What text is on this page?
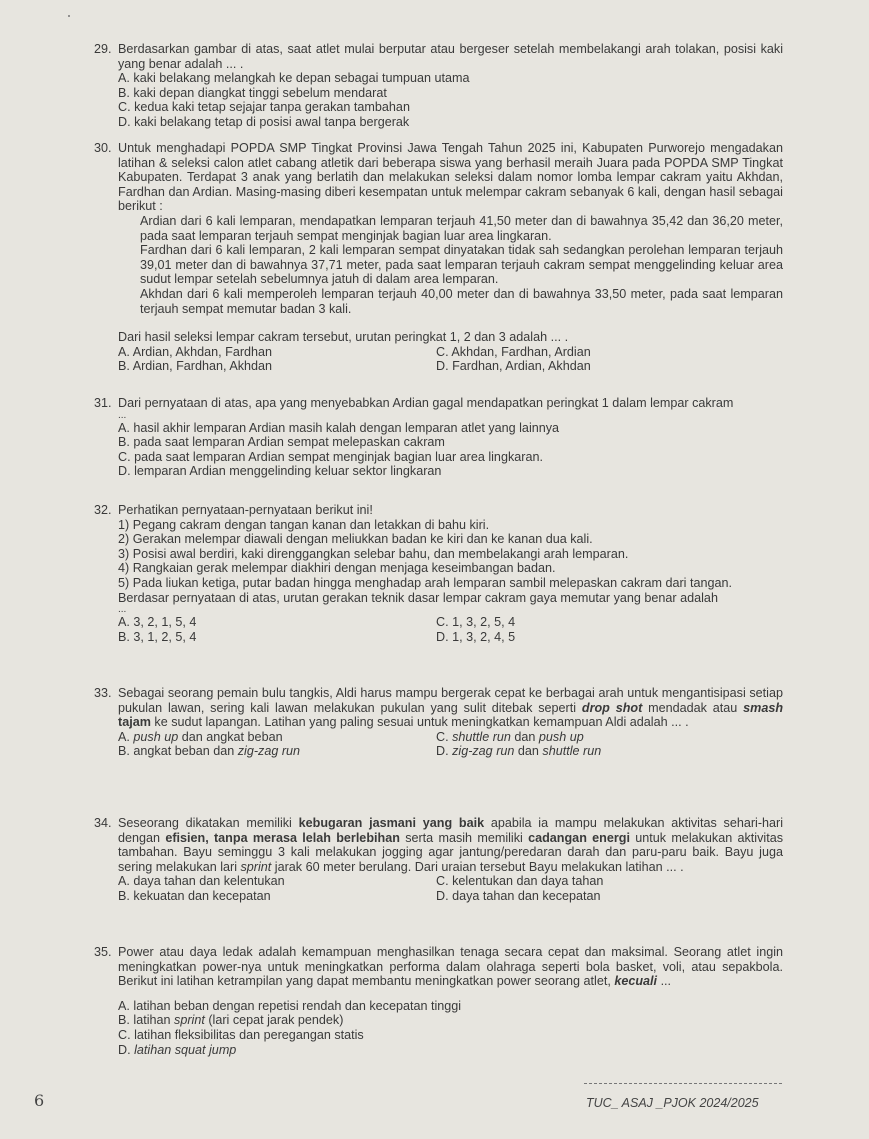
29. Berdasarkan gambar di atas, saat atlet mulai berputar atau bergeser setelah membelakangi arah tolakan, posisi kaki yang benar adalah ... .
A. kaki belakang melangkah ke depan sebagai tumpuan utama
B. kaki depan diangkat tinggi sebelum mendarat
C. kedua kaki tetap sejajar tanpa gerakan tambahan
D. kaki belakang tetap di posisi awal tanpa bergerak
30. Untuk menghadapi POPDA SMP Tingkat Provinsi Jawa Tengah Tahun 2025 ini, Kabupaten Purworejo mengadakan latihan & seleksi calon atlet cabang atletik dari beberapa siswa yang berhasil meraih Juara pada POPDA SMP Tingkat Kabupaten. Terdapat 3 anak yang berlatih dan melakukan seleksi dalam nomor lomba lempar cakram yaitu Akhdan, Fardhan dan Ardian. Masing-masing diberi kesempatan untuk melempar cakram sebanyak 6 kali, dengan hasil sebagai berikut :
Ardian dari 6 kali lemparan, mendapatkan lemparan terjauh 41,50 meter dan di bawahnya 35,42 dan 36,20 meter, pada saat lemparan terjauh sempat menginjak bagian luar area lingkaran.
Fardhan dari 6 kali lemparan, 2 kali lemparan sempat dinyatakan tidak sah sedangkan perolehan lemparan terjauh 39,01 meter dan di bawahnya 37,71 meter, pada saat lemparan terjauh cakram sempat menggelinding keluar area sudut lempar setelah sebelumnya jatuh di dalam area lemparan.
Akhdan dari 6 kali memperoleh lemparan terjauh 40,00 meter dan di bawahnya 33,50 meter, pada saat lemparan terjauh sempat memutar badan 3 kali.
Dari hasil seleksi lempar cakram tersebut, urutan peringkat 1, 2 dan 3 adalah ... .
A. Ardian, Akhdan, Fardhan	C. Akhdan, Fardhan, Ardian
B. Ardian, Fardhan, Akhdan	D. Fardhan, Ardian, Akhdan
31. Dari pernyataan di atas, apa yang menyebabkan Ardian gagal mendapatkan peringkat 1 dalam lempar cakram
...
A. hasil akhir lemparan Ardian masih kalah dengan lemparan atlet yang lainnya
B. pada saat lemparan Ardian sempat melepaskan cakram
C. pada saat lemparan Ardian sempat menginjak bagian luar area lingkaran.
D. lemparan Ardian menggelinding keluar sektor lingkaran
32. Perhatikan pernyataan-pernyataan berikut ini!
1) Pegang cakram dengan tangan kanan dan letakkan di bahu kiri.
2) Gerakan melempar diawali dengan meliukkan badan ke kiri dan ke kanan dua kali.
3) Posisi awal berdiri, kaki direnggangkan selebar bahu, dan membelakangi arah lemparan.
4) Rangkaian gerak melempar diakhiri dengan menjaga keseimbangan badan.
5) Pada liukan ketiga, putar badan hingga menghadap arah lemparan sambil melepaskan cakram dari tangan.
Berdasar pernyataan di atas, urutan gerakan teknik dasar lempar cakram gaya memutar yang benar adalah
...
A. 3, 2, 1, 5, 4	C. 1, 3, 2, 5, 4
B. 3, 1, 2, 5, 4	D. 1, 3, 2, 4, 5
33. Sebagai seorang pemain bulu tangkis, Aldi harus mampu bergerak cepat ke berbagai arah untuk mengantisipasi setiap pukulan lawan, sering kali lawan melakukan pukulan yang sulit ditebak seperti drop shot mendadak atau smash tajam ke sudut lapangan. Latihan yang paling sesuai untuk meningkatkan kemampuan Aldi adalah ... .
A. push up dan angkat beban	C. shuttle run dan push up
B. angkat beban dan zig-zag run	D. zig-zag run dan shuttle run
34. Seseorang dikatakan memiliki kebugaran jasmani yang baik apabila ia mampu melakukan aktivitas sehari-hari dengan efisien, tanpa merasa lelah berlebihan serta masih memiliki cadangan energi untuk melakukan aktivitas tambahan. Bayu seminggu 3 kali melakukan jogging agar jantung/peredaran darah dan paru-paru baik. Bayu juga sering melakukan lari sprint jarak 60 meter berulang. Dari uraian tersebut Bayu melakukan latihan ... .
A. daya tahan dan kelentukan	C. kelentukan dan daya tahan
B. kekuatan dan kecepatan	D. daya tahan dan kecepatan
35. Power atau daya ledak adalah kemampuan menghasilkan tenaga secara cepat dan maksimal. Seorang atlet ingin meningkatkan power-nya untuk meningkatkan performa dalam olahraga seperti bola basket, voli, atau sepakbola. Berikut ini latihan ketrampilan yang dapat membantu meningkatkan power seorang atlet, kecuali ...
A. latihan beban dengan repetisi rendah dan kecepatan tinggi
B. latihan sprint (lari cepat jarak pendek)
C. latihan fleksibilitas dan peregangan statis
D. latihan squat jump
6	TUC_ ASAJ _PJOK 2024/2025
